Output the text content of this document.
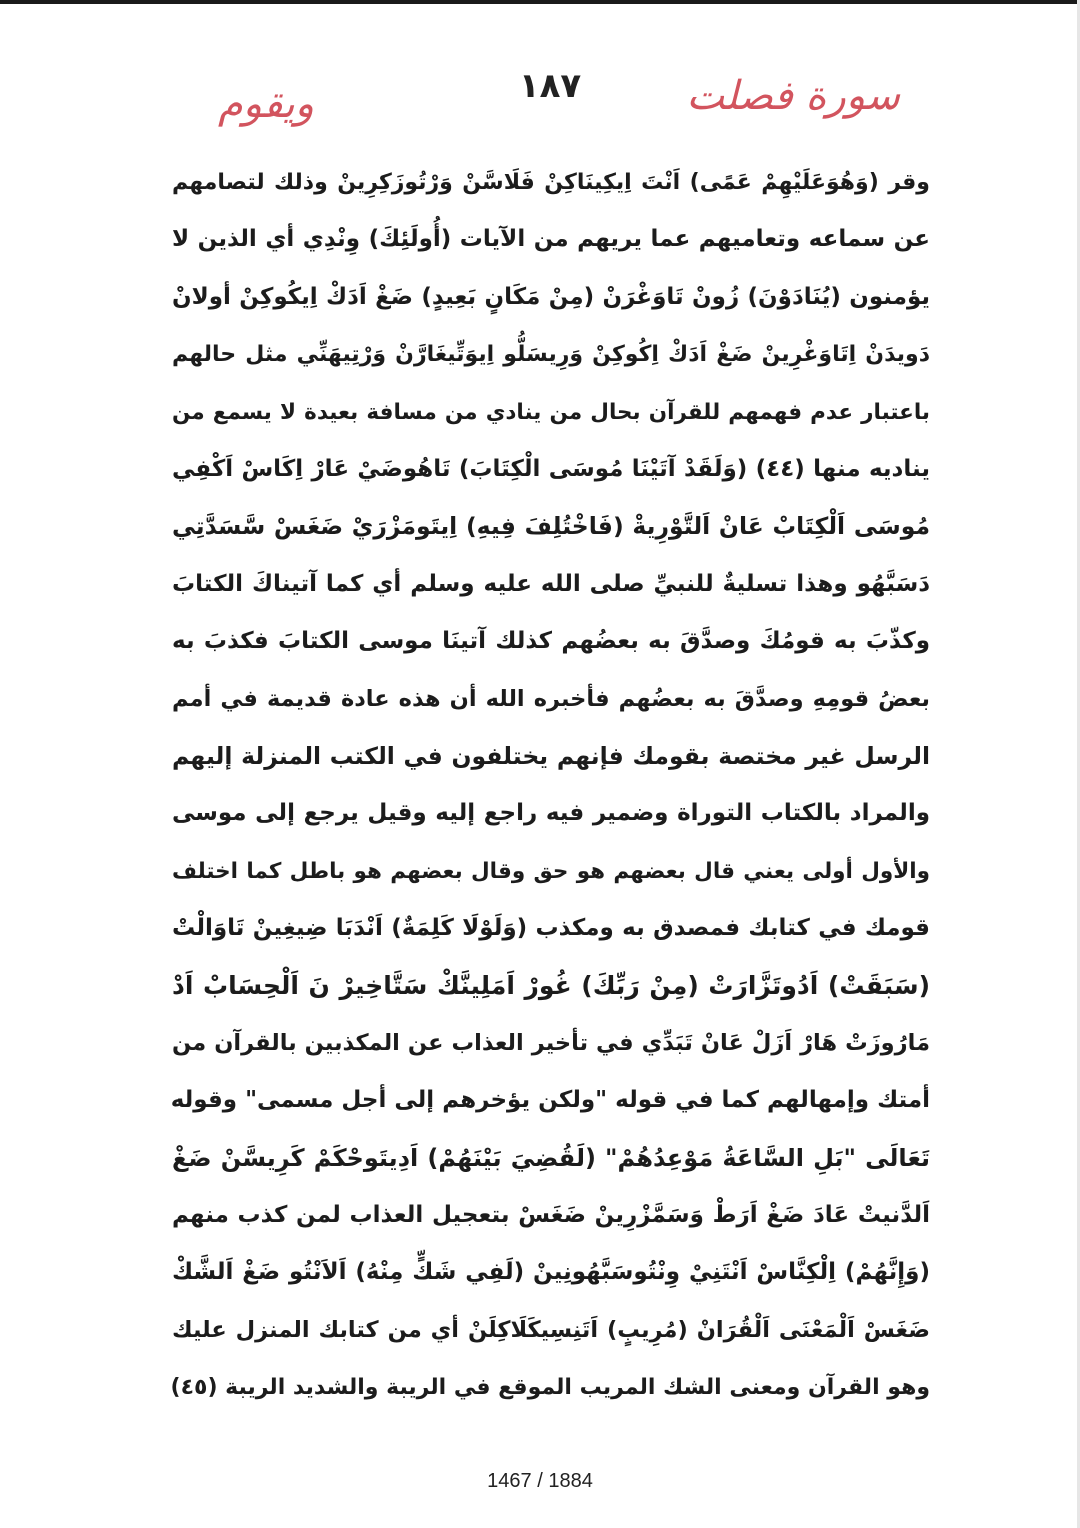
سورة فصلت
١٨٧
ويقوم
وقر (وَهُوَعَلَيْهِمْ عَمًى) اَنْتَ اِيكِينَاكِنْ فَلَاسَّنْ وَرْتُوزَكِرِينْ وذلك لتصامهم
عن سماعه وتعاميهم عما يريهم من الآيات (أُولَئِكَ) وِنْدِي أي الذين لا
يؤمنون (يُنَادَوْنَ) زُونْ تَاوَغْرَنْ (مِنْ مَكَانٍ بَعِيدٍ) ضَغْ اَدَكْ اِيكُوكِنْ أولانْ
دَويدَنْ اِتَاوَغْرِينْ ضَغْ اَدَكْ اِكُوكِنْ وَرِيسَلُّو اِيوَتِّيغَارَّنْ وَرْتِيهَنِّي مثل حالهم
باعتبار عدم فهمهم للقرآن بحال من ينادي من مسافة بعيدة لا يسمع من
يناديه منها (٤٤) (وَلَقَدْ آتَيْنَا مُوسَى الْكِتَابَ) تَاهُوضَيْ عَارْ اِكَاسْ اَكْفِي
مُوسَى اَلْكِتَابْ عَانْ اَلتَّوْرِيةْ (فَاخْتُلِفَ فِيهِ) اِيتَومَزْرَيْ ضَغَسْ سَّسَدَّتِي
دَسَبَّهُو وهذا تسليةٌ للنبيِّ صلى الله عليه وسلم أي كما آتيناكَ الكتابَ
وكذّبَ به قومُكَ وصدَّقَ به بعضُهم كذلك آتينَا موسى الكتابَ فكذبَ به
بعضُ قومِهِ وصدَّقَ به بعضُهم فأخبره الله أن هذه عادة قديمة في أمم
الرسل غير مختصة بقومك فإنهم يختلفون في الكتب المنزلة إليهم
والمراد بالكتاب التوراة وضمير فيه راجع إليه وقيل يرجع إلى موسى
والأول أولى يعني قال بعضهم هو حق وقال بعضهم هو باطل كما اختلف
قومك في كتابك فمصدق به ومكذب (وَلَوْلَا كَلِمَةٌ) اَنْدَبَا ضِيغِينْ تَاوَالْتْ
(سَبَقَتْ) اَدُوتَزَّارَتْ (مِنْ رَبِّكَ) غُورْ اَمَلِينَّكْ سَتَّاخِيرْ نَ اَلْحِسَابْ اَدْ
مَارُوزَتْ هَارْ اَزَلْ عَانْ تَبَدِّي في تأخير العذاب عن المكذبين بالقرآن من
أمتك وإمهالهم كما في قوله "ولكن يؤخرهم إلى أجل مسمى" وقوله
تَعَالَى "بَلِ السَّاعَةُ مَوْعِدُهُمْ" (لَقُضِيَ بَيْنَهُمْ) اَدِيتَوحْكَمْ كَرِيسَّنْ ضَغْ
اَلدَّنيتْ عَادَ ضَغْ اَرَطْ وَسَمَّزْرِينْ ضَغَسْ بتعجيل العذاب لمن كذب منهم
(وَإِنَّهُمْ) اِلْكِنَّاسْ اَنْتَنِيْ وِنْتُوسَبَّهُونِينْ (لَفِي شَكٍّ مِنْهُ) اَلاَنْتُو ضَغْ اَلشَّكْ
ضَغَسْ اَلْمَعْنَى اَلْقُرَانْ (مُرِيبٍ) اَتَنِسِيكَلَاكِلَنْ أي من كتابك المنزل عليك
وهو القرآن ومعنى الشك المريب الموقع في الريبة والشديد الريبة (٤٥)
1467 / 1884
